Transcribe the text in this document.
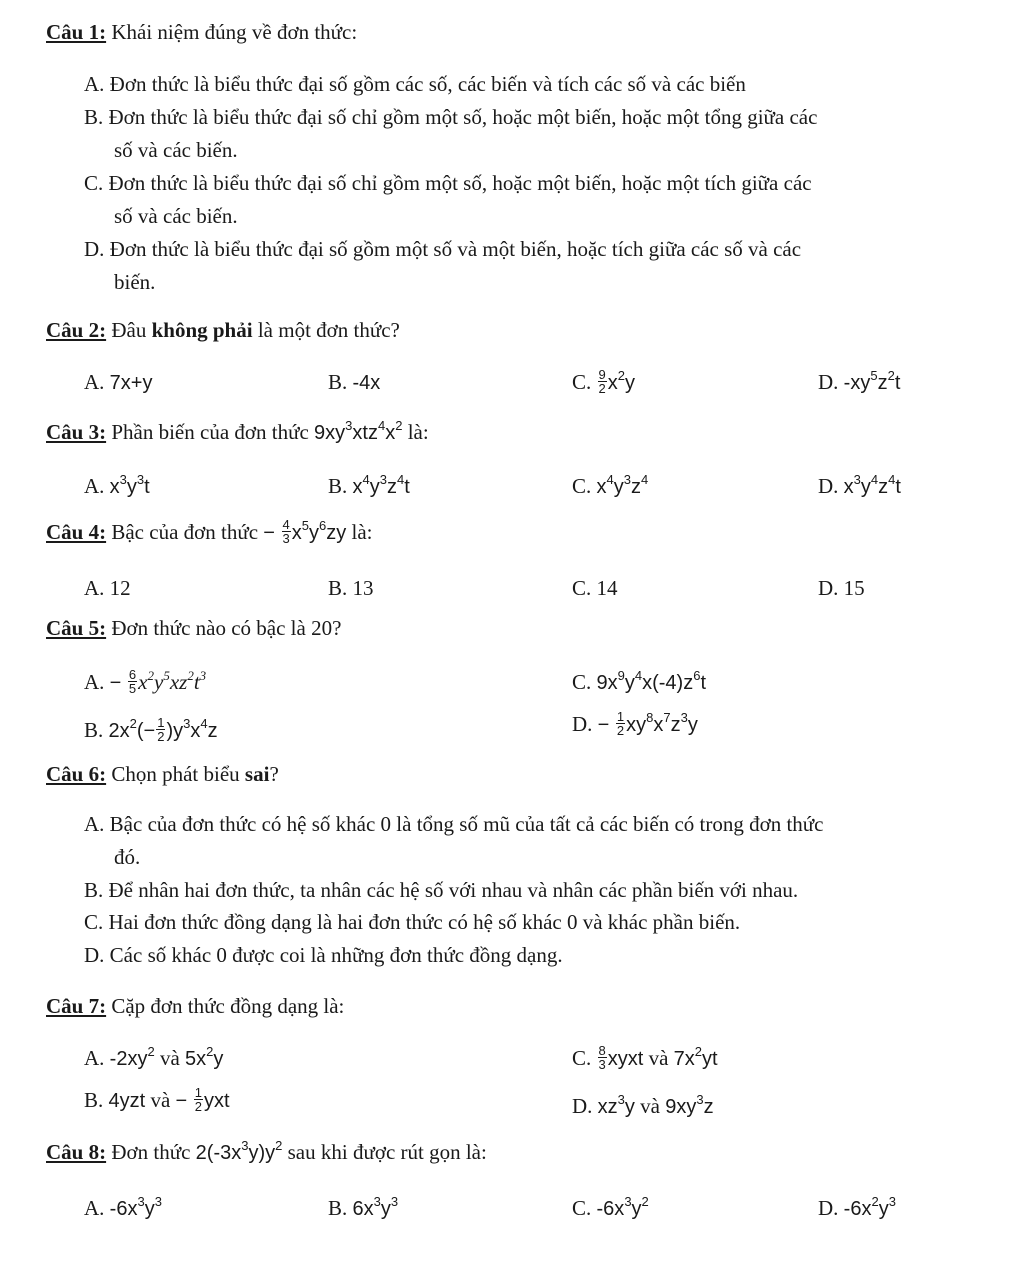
Câu 1: Khái niệm đúng về đơn thức:
A. Đơn thức là biểu thức đại số gồm các số, các biến và tích các số và các biến
B. Đơn thức là biểu thức đại số chỉ gồm một số, hoặc một biến, hoặc một tổng giữa các
số và các biến.
C. Đơn thức là biểu thức đại số chỉ gồm một số, hoặc một biến, hoặc một tích giữa các
số và các biến.
D. Đơn thức là biểu thức đại số gồm một số và một biến, hoặc tích giữa các số và các
biến.
Câu 2: Đâu không phải là một đơn thức?
A. 7x+y	B. -4x	C. $\frac{9}{2} x^2y$	D. $-xy^5z^2t$
Câu 3: Phần biến của đơn thức $9xy^3xtz^4x^2$ là:
A. $x^3y^3t$	B. $x^4y^3z^4t$	C. $x^4y^3z^4$	D. $x^3y^4z^4t$
Câu 4: Bậc của đơn thức − $\frac{4}{3} x^5y^6zy$ là:
A. 12	B. 13	C. 14	D. 15
Câu 5: Đơn thức nào có bậc là 20?
A. − $\frac{6}{5} x^2y^5xz^2t^3$	C. $9x^9y^4x(-4)z^6t$
B. $2x^2(- \frac{1}{2} )y^3x^4z$	D. − $\frac{1}{2} xy^8x^7z^3y$
Câu 6: Chọn phát biểu sai?
A. Bậc của đơn thức có hệ số khác 0 là tổng số mũ của tất cả các biến có trong đơn thức
đó.
B. Để nhân hai đơn thức, ta nhân các hệ số với nhau và nhân các phần biến với nhau.
C. Hai đơn thức đồng dạng là hai đơn thức có hệ số khác 0 và khác phần biến.
D. Các số khác 0 được coi là những đơn thức đồng dạng.
Câu 7: Cặp đơn thức đồng dạng là:
A. $-2xy^2$ và $5x^2y$	C. $\frac{8}{3}$ xyxt và $7x^2yt$
B. 4yzt và − $\frac{1}{2}$ yxt	D. $xz^3y$ và $9xy^3z$
Câu 8: Đơn thức $2(-3x^3y)y^2$ sau khi được rút gọn là:
A. $-6x^3y^3$	B. $6x^3y^3$	C. $-6x^3y^2$	D. $-6x^2y^3$
